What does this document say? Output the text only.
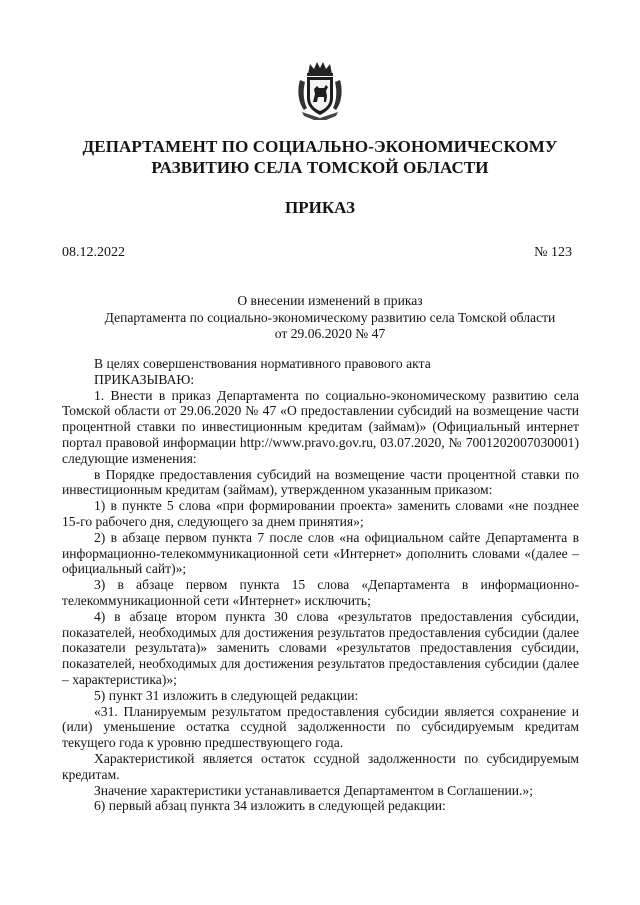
ДЕПАРТАМЕНТ ПО СОЦИАЛЬНО-ЭКОНОМИЧЕСКОМУ
РАЗВИТИЮ СЕЛА ТОМСКОЙ ОБЛАСТИ
ПРИКАЗ
08.12.2022	№ 123
О внесении изменений в приказ
Департамента по социально-экономическому развитию села Томской области
от 29.06.2020 № 47

В целях совершенствования нормативного правового акта

ПРИКАЗЫВАЮ:

1. Внести в приказ Департамента по социально-экономическому развитию села Томской области от 29.06.2020 № 47 «О предоставлении субсидий на возмещение части процентной ставки по инвестиционным кредитам (займам)» (Официальный интернет портал правовой информации http://www.pravo.gov.ru, 03.07.2020, № 7001202007030001) следующие изменения:

в Порядке предоставления субсидий на возмещение части процентной ставки по инвестиционным кредитам (займам), утвержденном указанным приказом:

1) в пункте 5 слова «при формировании проекта» заменить словами «не позднее 15-го рабочего дня, следующего за днем принятия»;

2) в абзаце первом пункта 7 после слов «на официальном сайте Департамента в информационно-телекоммуникационной сети «Интернет» дополнить словами «(далее – официальный сайт)»;

3) в абзаце первом пункта 15 слова «Департамента в информационно-телекоммуникационной сети «Интернет» исключить;

4) в абзаце втором пункта 30 слова «результатов предоставления субсидии, показателей, необходимых для достижения результатов предоставления субсидии (далее показатели результата)» заменить словами «результатов предоставления субсидии, показателей, необходимых для достижения результатов предоставления субсидии (далее – характеристика)»;

5) пункт 31 изложить в следующей редакции:

«31. Планируемым результатом предоставления субсидии является сохранение и (или) уменьшение остатка ссудной задолженности по субсидируемым кредитам текущего года к уровню предшествующего года.

Характеристикой является остаток ссудной задолженности по субсидируемым кредитам.

Значение характеристики устанавливается Департаментом в Соглашении.»;

6) первый абзац пункта 34 изложить в следующей редакции:
